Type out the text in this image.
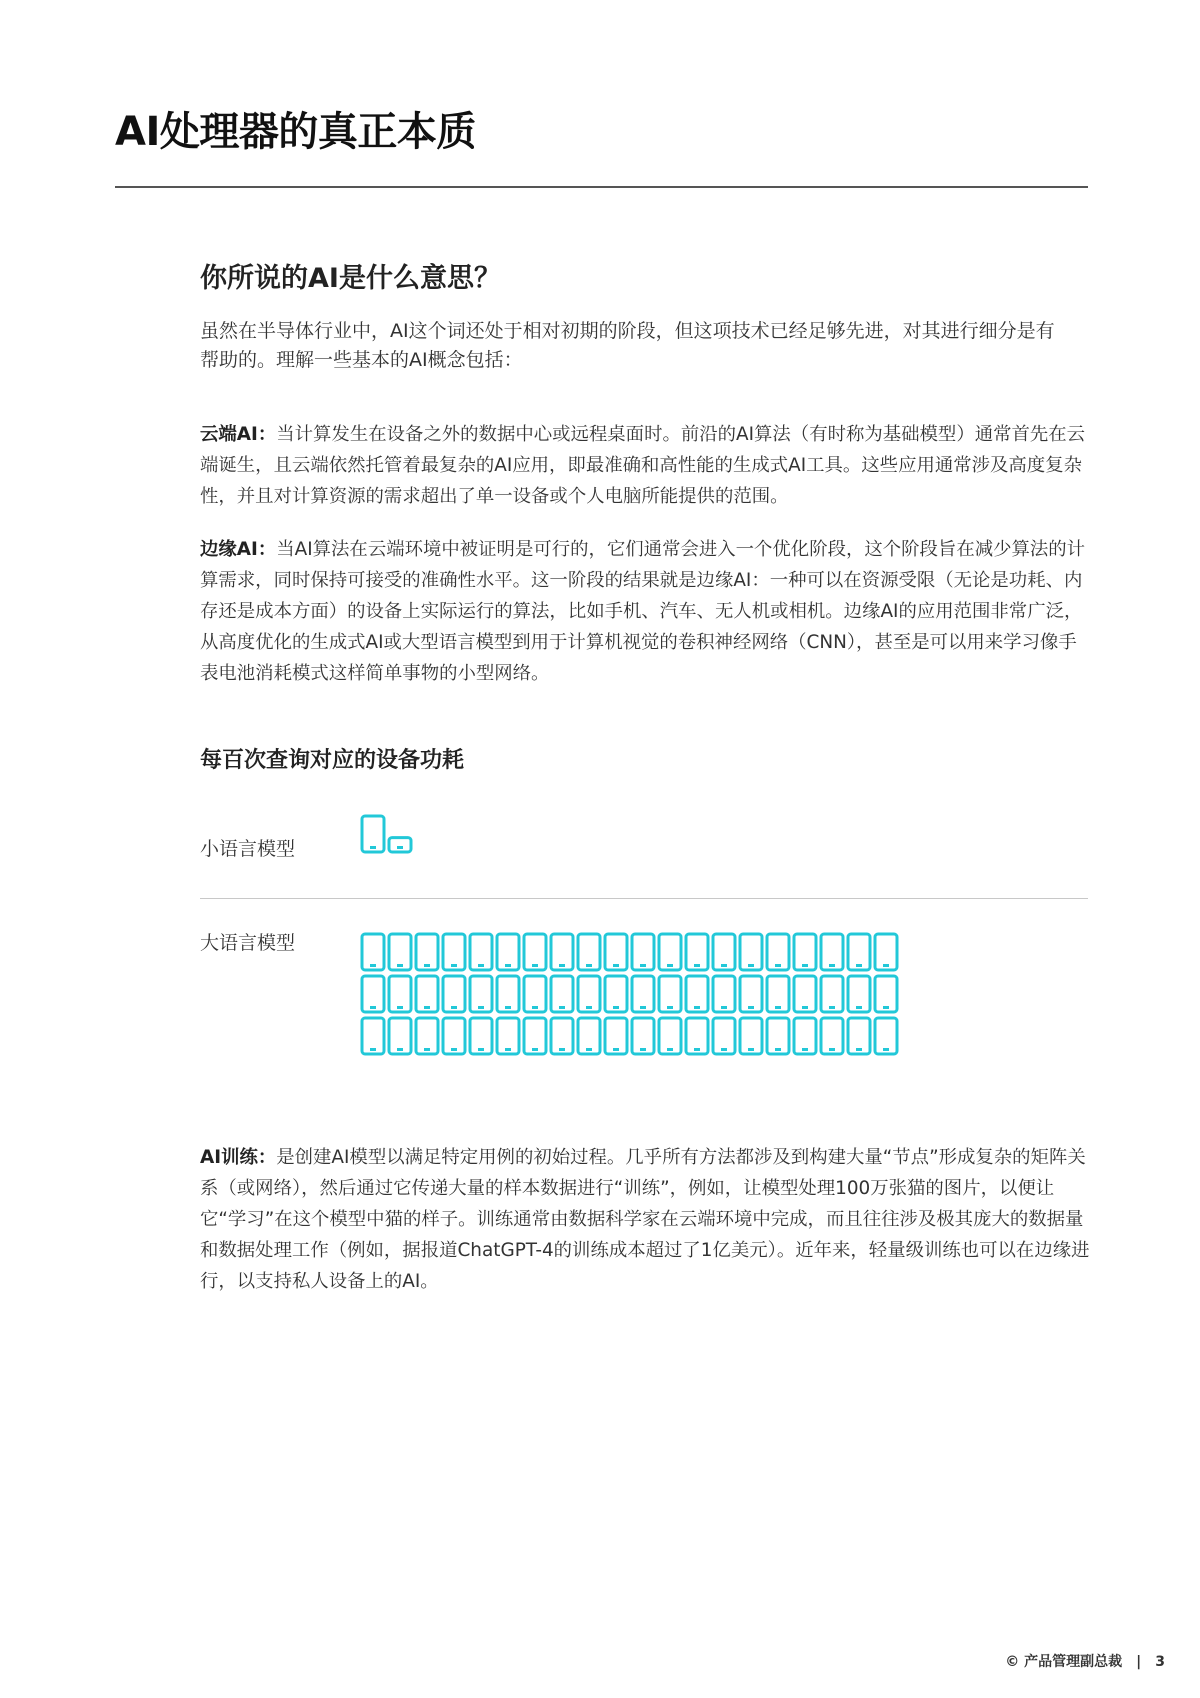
AI处理器的真正本质
你所说的AI是什么意思？

虽然在半导体行业中，AI这个词还处于相对初期的阶段，但这项技术已经足够先进，对其进行细分是有帮助的。理解一些基本的AI概念包括：

云端AI：当计算发生在设备之外的数据中心或远程桌面时。前沿的AI算法（有时称为基础模型）通常首先在云端诞生，且云端依然托管着最复杂的AI应用，即最准确和高性能的生成式AI工具。这些应用通常涉及高度复杂性，并且对计算资源的需求超出了单一设备或个人电脑所能提供的范围。

边缘AI：当AI算法在云端环境中被证明是可行的，它们通常会进入一个优化阶段，这个阶段旨在减少算法的计算需求，同时保持可接受的准确性水平。这一阶段的结果就是边缘AI：一种可以在资源受限（无论是功耗、内存还是成本方面）的设备上实际运行的算法，比如手机、汽车、无人机或相机。边缘AI的应用范围非常广泛，从高度优化的生成式AI或大型语言模型到用于计算机视觉的卷积神经网络（CNN），甚至是可以用来学习像手表电池消耗模式这样简单事物的小型网络。

每百次查询对应的设备功耗
小语言模型
大语言模型

AI训练：是创建AI模型以满足特定用例的初始过程。几乎所有方法都涉及到构建大量“节点”形成复杂的矩阵关系（或网络），然后通过它传递大量的样本数据进行“训练”，例如，让模型处理100万张猫的图片，以便让它“学习”在这个模型中猫的样子。训练通常由数据科学家在云端环境中完成，而且往往涉及极其庞大的数据量和数据处理工作（例如，据报道ChatGPT-4的训练成本超过了1亿美元）。近年来，轻量级训练也可以在边缘进行，以支持私人设备上的AI。

© 产品管理副总裁 | 3
